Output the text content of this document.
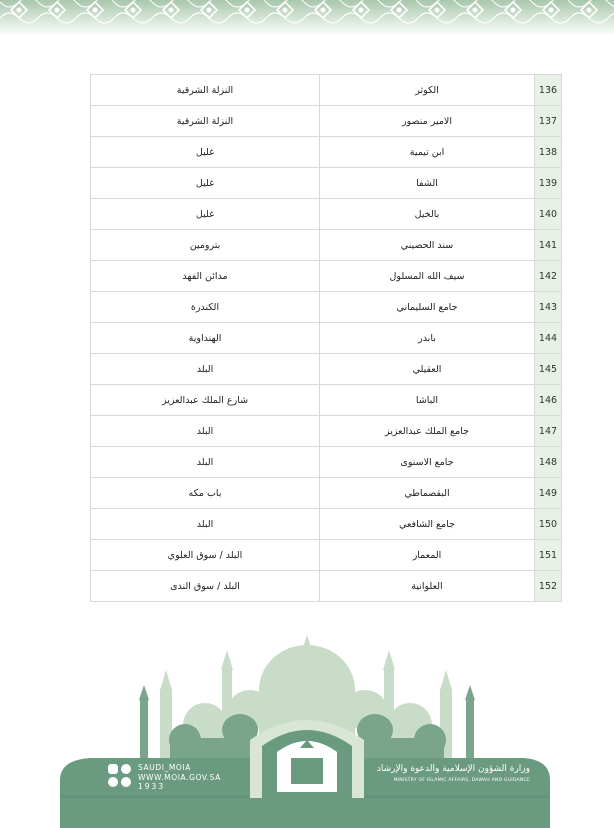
136	الكوثر	النزلة الشرقية
137	الامير منصور	النزلة الشرقية
138	ابن تيمية	غليل
139	الشفا	غليل
140	بالخيل	غليل
141	سند الحصيني	بترومين
142	سيف الله المسلول	مدائن الفهد
143	جامع السليماني	الكندرة
144	بابدر	الهنداوية
145	العقيلي	البلد
146	الباشا	شارع الملك عبدالعزيز
147	جامع الملك عبدالعزيز	البلد
148	جامع الاسنوى	البلد
149	البقصماطي	باب مكه
150	جامع الشافعي	البلد
151	المعمار	البلد / سوق العلوي
152	العلوانية	البلد / سوق الندى
SAUDI_MOIA
WWW.MOIA.GOV.SA
1933
وزارة الشؤون الإسلامية والدعوة والإرشاد
MINISTRY OF ISLAMIC AFFAIRS, DAWAH AND GUIDANCE
